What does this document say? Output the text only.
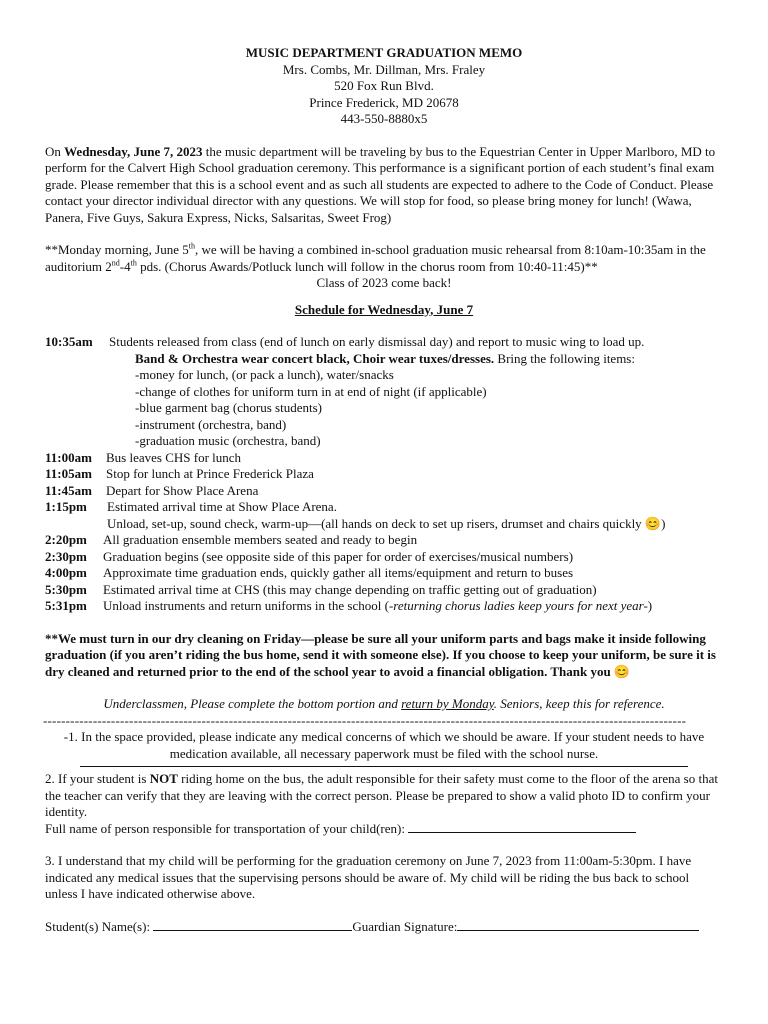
MUSIC DEPARTMENT GRADUATION MEMO

Mrs. Combs, Mr. Dillman, Mrs. Fraley

520 Fox Run Blvd.

Prince Frederick, MD 20678

443-550-8880x5

On Wednesday, June 7, 2023 the music department will be traveling by bus to the Equestrian Center in Upper Marlboro, MD to perform for the Calvert High School graduation ceremony. This performance is a significant portion of each student’s final exam grade. Please remember that this is a school event and as such all students are expected to adhere to the Code of Conduct. Please contact your director individual director with any questions. We will stop for food, so please bring money for lunch! (Wawa, Panera, Five Guys, Sakura Express, Nicks, Salsaritas, Sweet Frog)

**Monday morning, June 5th, we will be having a combined in-school graduation music rehearsal from 8:10am-10:35am in the auditorium 2nd-4th pds. (Chorus Awards/Potluck lunch will follow in the chorus room from 10:40-11:45)**

Class of 2023 come back!

Schedule for Wednesday, June 7

10:35am	Students released from class (end of lunch on early dismissal day) and report to music wing to load up.
Band & Orchestra wear concert black, Choir wear tuxes/dresses. Bring the following items:
-money for lunch, (or pack a lunch), water/snacks
-change of clothes for uniform turn in at end of night (if applicable)
-blue garment bag (chorus students)
-instrument (orchestra, band)
-graduation music (orchestra, band)
11:00am	Bus leaves CHS for lunch
11:05am	Stop for lunch at Prince Frederick Plaza
11:45am	Depart for Show Place Arena
1:15pm	Estimated arrival time at Show Place Arena.
Unload, set-up, sound check, warm-up—(all hands on deck to set up risers, drumset and chairs quickly 😊)
2:20pm	All graduation ensemble members seated and ready to begin
2:30pm	Graduation begins (see opposite side of this paper for order of exercises/musical numbers)
4:00pm	Approximate time graduation ends, quickly gather all items/equipment and return to buses
5:30pm	Estimated arrival time at CHS (this may change depending on traffic getting out of graduation)
5:31pm	Unload instruments and return uniforms in the school (-returning chorus ladies keep yours for next year-)

**We must turn in our dry cleaning on Friday—please be sure all your uniform parts and bags make it inside following graduation (if you aren’t riding the bus home, send it with someone else). If you choose to keep your uniform, be sure it is dry cleaned and returned prior to the end of the school year to avoid a financial obligation. Thank you 😊

Underclassmen, Please complete the bottom portion and return by Monday. Seniors, keep this for reference.

----------------------------------------------------------------------------------------------------------------------------------------------

-1. In the space provided, please indicate any medical concerns of which we should be aware. If your student needs to have medication available, all necessary paperwork must be filed with the school nurse.

2. If your student is NOT riding home on the bus, the adult responsible for their safety must come to the floor of the arena so that the teacher can verify that they are leaving with the correct person. Please be prepared to show a valid photo ID to confirm your identity.

Full name of person responsible for transportation of your child(ren):

3. I understand that my child will be performing for the graduation ceremony on June 7, 2023 from 11:00am-5:30pm. I have indicated any medical issues that the supervising persons should be aware of. My child will be riding the bus back to school unless I have indicated otherwise above.

Student(s) Name(s):	Guardian Signature:
